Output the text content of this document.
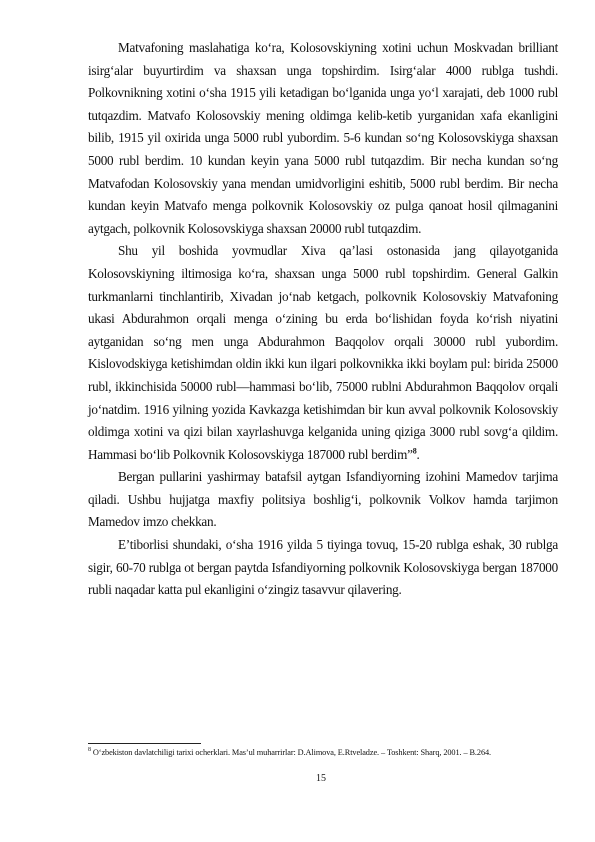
Matvafoning maslahatiga ko‘ra, Kolosovskiyning xotini uchun Moskvadan brilliant isirg‘alar buyurtirdim va shaxsan unga topshirdim. Isirg‘alar 4000 rublga tushdi. Polkovnikning xotini o‘sha 1915 yili ketadigan bo‘lganida unga yo‘l xarajati, deb 1000 rubl tutqazdim. Matvafo Kolosovskiy mening oldimga kelib-ketib yurganidan xafa ekanligini bilib, 1915 yil oxirida unga 5000 rubl yubordim. 5-6 kundan so‘ng Kolosovskiyga shaxsan 5000 rubl berdim. 10 kundan keyin yana 5000 rubl tutqazdim. Bir necha kundan so‘ng Matvafodan Kolosovskiy yana mendan umidvorligini eshitib, 5000 rubl berdim. Bir necha kundan keyin Matvafo menga polkovnik Kolosovskiy oz pulga qanoat hosil qilmaganini aytgach, polkovnik Kolosovskiyga shaxsan 20000 rubl tutqazdim.

Shu yil boshida yovmudlar Xiva qa’lasi ostonasida jang qilayotganida Kolosovskiyning iltimosiga ko‘ra, shaxsan unga 5000 rubl topshirdim. General Galkin turkmanlarni tinchlantirib, Xivadan jo‘nab ketgach, polkovnik Kolosovskiy Matvafoning ukasi Abdurahmon orqali menga o‘zining bu erda bo‘lishidan foyda ko‘rish niyatini aytganidan so‘ng men unga Abdurahmon Baqqolov orqali 30000 rubl yubordim. Kislovodskiyga ketishimdan oldin ikki kun ilgari polkovnikka ikki boylam pul: birida 25000 rubl, ikkinchisida 50000 rubl—hammasi bo‘lib, 75000 rublni Abdurahmon Baqqolov orqali jo‘natdim. 1916 yilning yozida Kavkazga ketishimdan bir kun avval polkovnik Kolosovskiy oldimga xotini va qizi bilan xayrlashuvga kelganida uning qiziga 3000 rubl sovg‘a qildim. Hammasi bo‘lib Polkovnik Kolosovskiyga 187000 rubl berdim”$^8$.

Bergan pullarini yashirmay batafsil aytgan Isfandiyorning izohini Mamedov tarjima qiladi. Ushbu hujjatga maxfiy politsiya boshlig‘i, polkovnik Volkov hamda tarjimon Mamedov imzo chekkan.

E’tiborlisi shundaki, o‘sha 1916 yilda 5 tiyinga tovuq, 15-20 rublga eshak, 30 rublga sigir, 60-70 rublga ot bergan paytda Isfandiyorning polkovnik Kolosovskiyga bergan 187000 rubli naqadar katta pul ekanligini o‘zingiz tasavvur qilavering.

$^8$ O‘zbekiston davlatchiligi tarixi ocherklari. Mas’ul muharrirlar: D.Alimova, E.Rtveladze. – Toshkent: Sharq, 2001. – B.264.
15
